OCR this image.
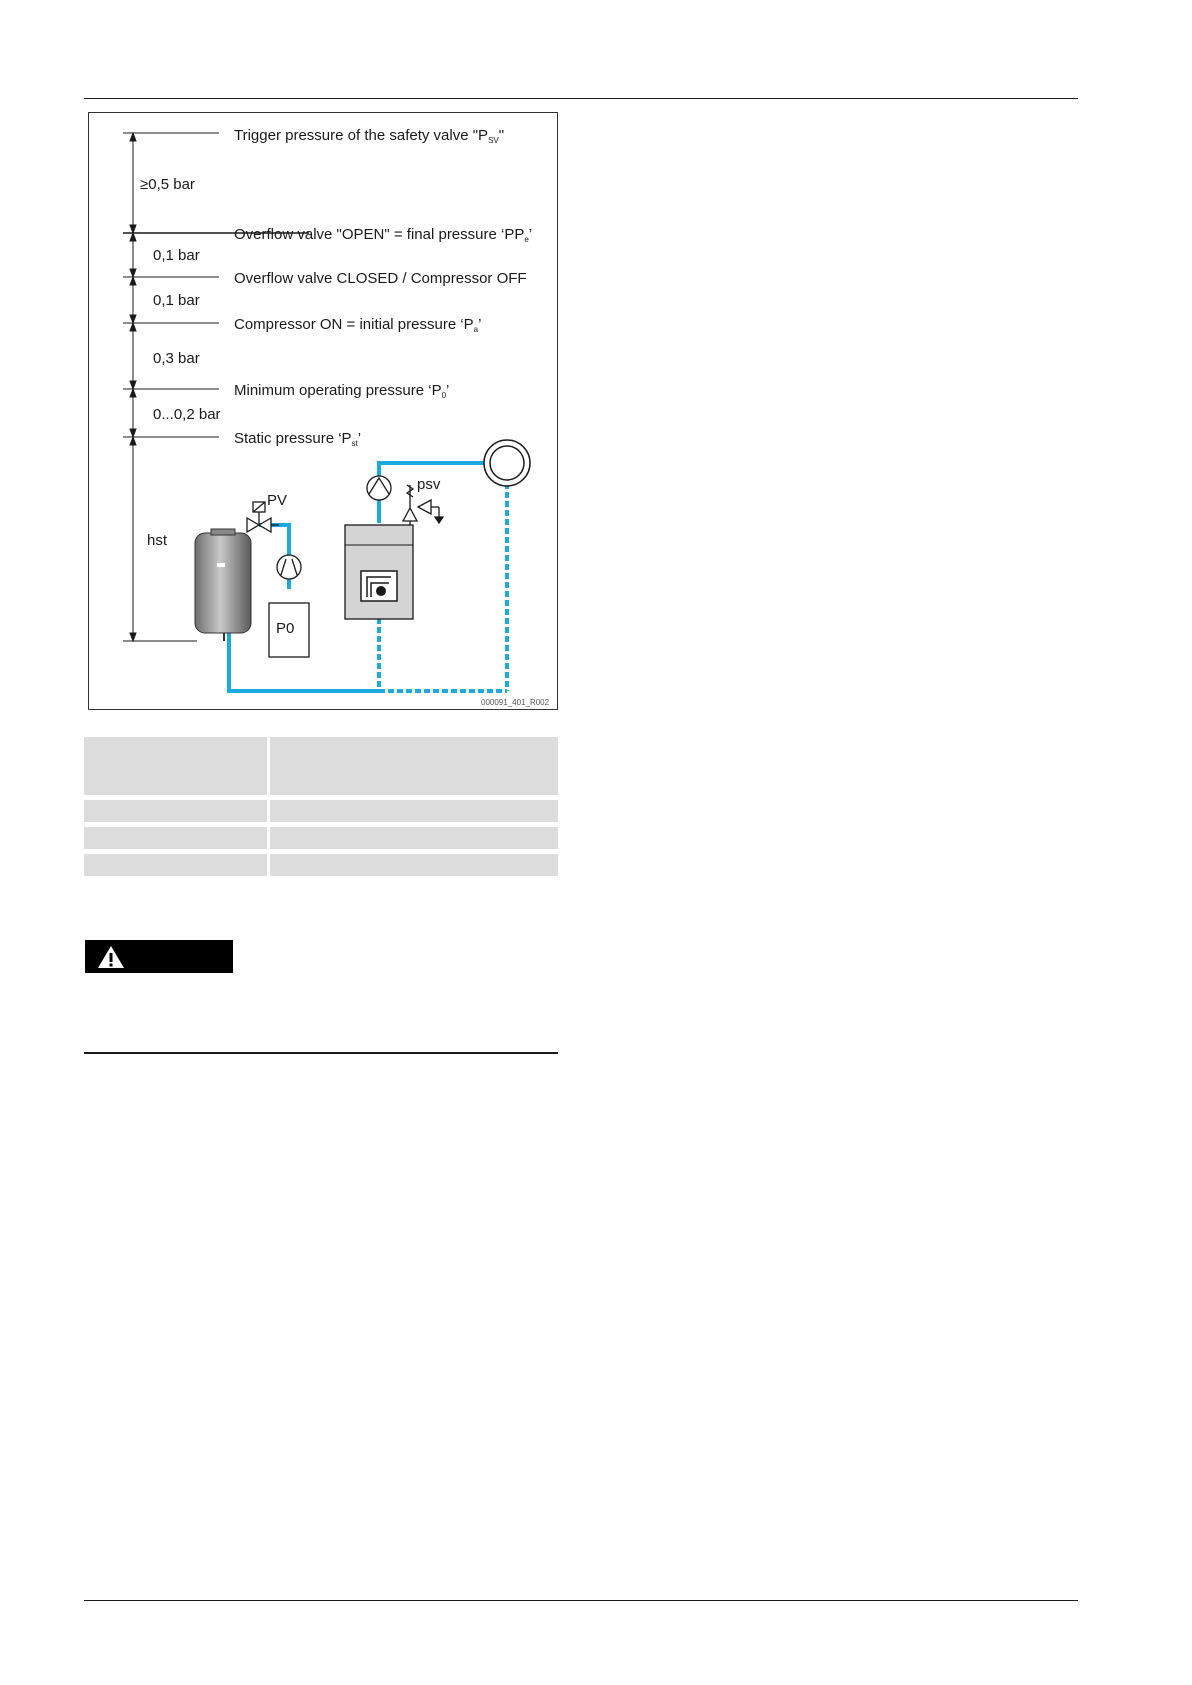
Trigger pressure of the safety valve "$P_{SV}$"
Overflow valve "OPEN" = final pressure ‘$PP_e$’
Overflow valve CLOSED / Compressor OFF
Compressor ON = initial pressure ‘$P_a$’
Minimum operating pressure ‘$P_0$’
Static pressure ‘$P_{st}$’
≥0,5 bar
0,1 bar
0,1 bar
0,3 bar
0...0,2 bar
hst
PV
P0
psv
000091_401_R002
